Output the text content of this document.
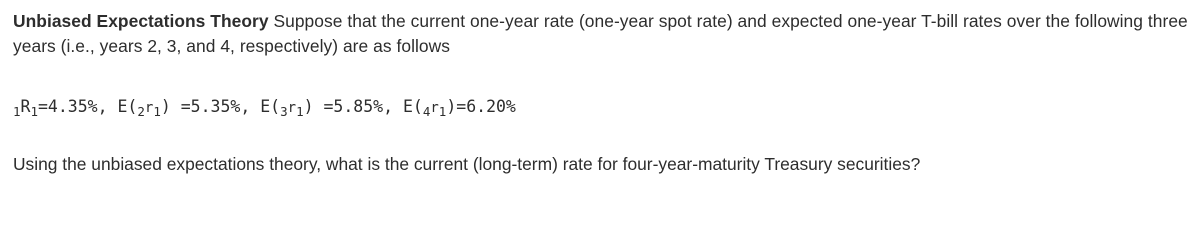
Unbiased Expectations Theory Suppose that the current one-year rate (one-year spot rate) and expected one-year T-bill rates over the following three years (i.e., years 2, 3, and 4, respectively) are as follows

$_1R_1=4.35\%$, $E(_2r_1) =5.35\%$, $E(_3r_1) =5.85\%$, $E(_4r_1)=6.20\%$

Using the unbiased expectations theory, what is the current (long-term) rate for four-year-maturity Treasury securities?
